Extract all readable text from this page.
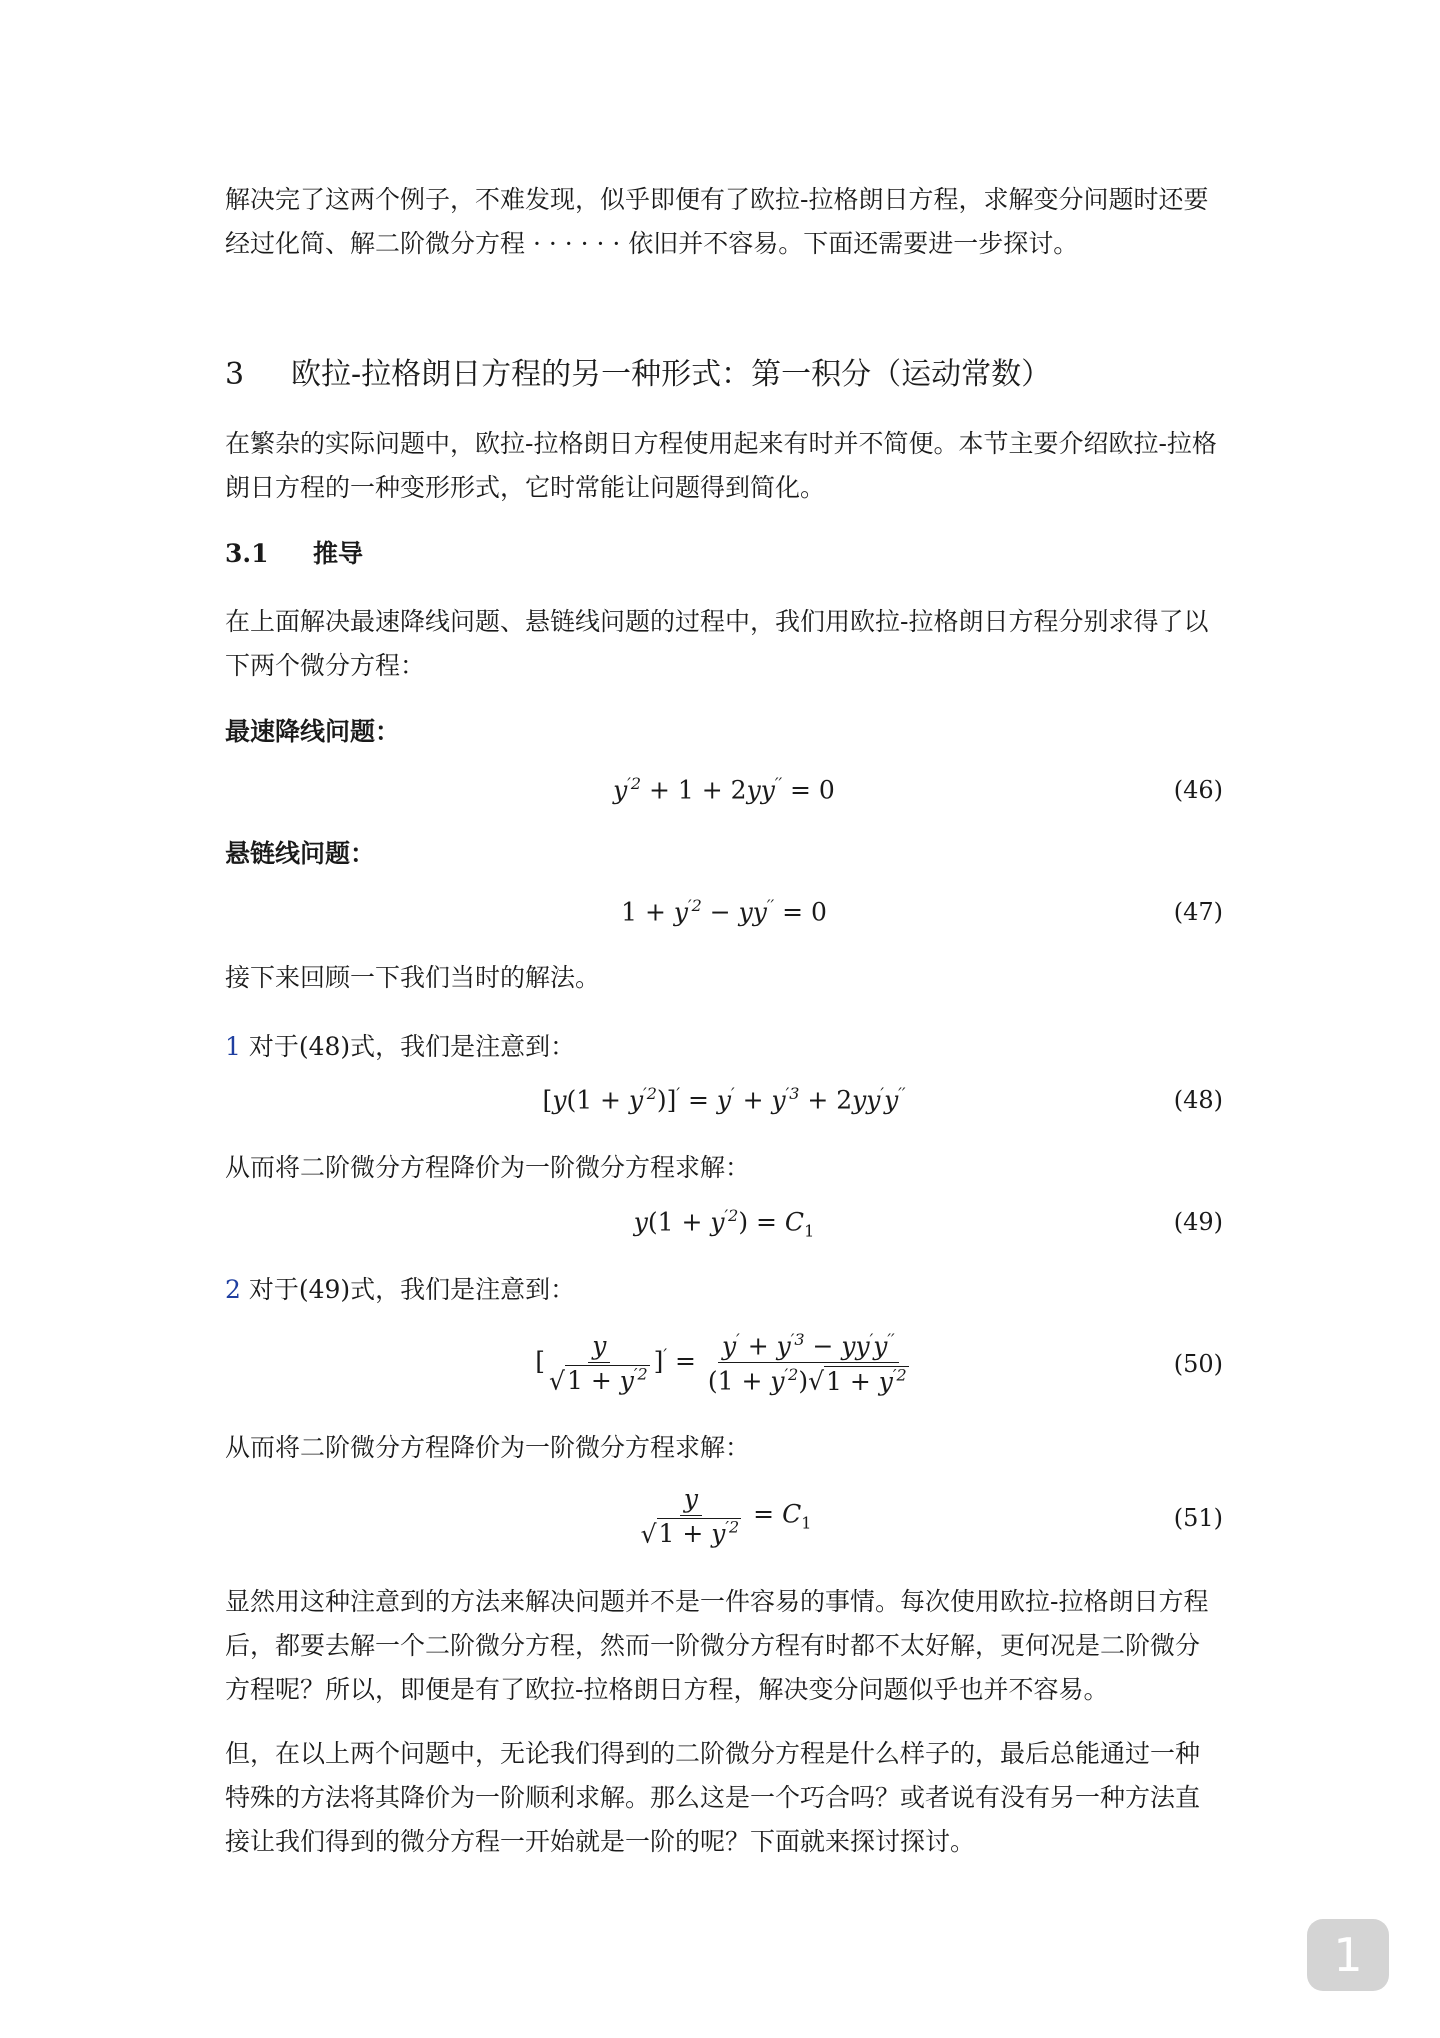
解决完了这两个例子，不难发现，似乎即便有了欧拉-拉格朗日方程，求解变分问题时还要经过化简、解二阶微分方程 · · · · · · 依旧并不容易。下面还需要进一步探讨。

3 欧拉-拉格朗日方程的另一种形式：第一积分（运动常数）

在繁杂的实际问题中，欧拉-拉格朗日方程使用起来有时并不简便。本节主要介绍欧拉-拉格朗日方程的一种变形形式，它时常能让问题得到简化。

3.1 推导

在上面解决最速降线问题、悬链线问题的过程中，我们用欧拉-拉格朗日方程分别求得了以下两个微分方程：

最速降线问题：
$y^{'2} + 1 + 2yy'' = 0$	(46)
悬链线问题：
$1 + y^{'2} - yy'' = 0$	(47)

接下来回顾一下我们当时的解法。

1 对于(48)式，我们是注意到：

$[y(1 + y^{'2})]' = y' + y^{'3} + 2yy'y''$	(48)

从而将二阶微分方程降价为一阶微分方程求解：

$y(1 + y^{'2}) = C_1$	(49)

2 对于(49)式，我们是注意到：

[ $\frac{y}{√1 + y^{'2}} ]' = \frac{y' + y^{'3} - yy'y''}{(1 + y^{'2})√1 + y^{'2}}$	(50)

从而将二阶微分方程降价为一阶微分方程求解：

$\frac{y}{√1 + y^{'2}} = C_1$	(51)

显然用这种注意到的方法来解决问题并不是一件容易的事情。每次使用欧拉-拉格朗日方程后，都要去解一个二阶微分方程，然而一阶微分方程有时都不太好解，更何况是二阶微分方程呢？所以，即便是有了欧拉-拉格朗日方程，解决变分问题似乎也并不容易。

但，在以上两个问题中，无论我们得到的二阶微分方程是什么样子的，最后总能通过一种特殊的方法将其降价为一阶顺利求解。那么这是一个巧合吗？或者说有没有另一种方法直接让我们得到的微分方程一开始就是一阶的呢？下面就来探讨探讨。

1
